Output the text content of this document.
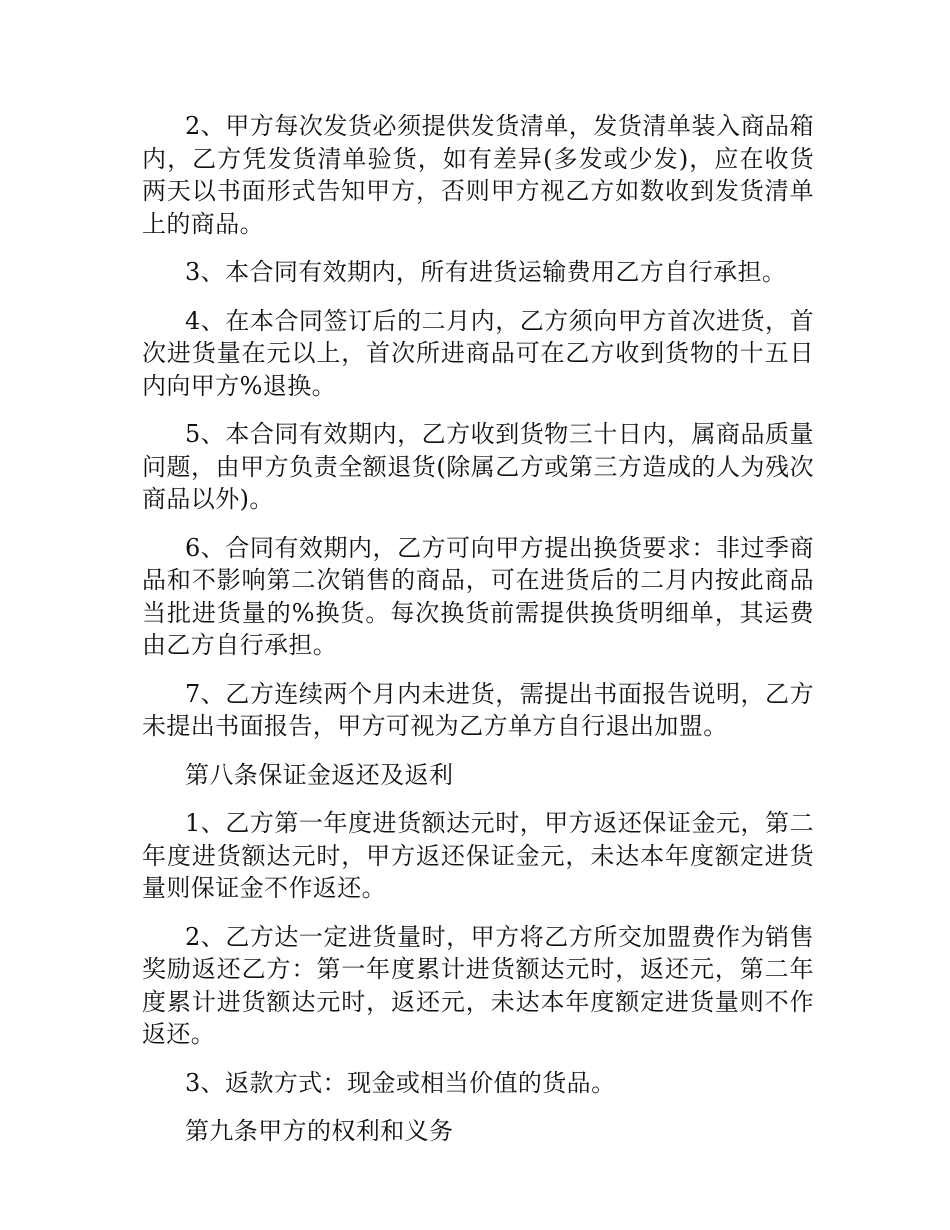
2、甲方每次发货必须提供发货清单，发货清单装入商品箱内，乙方凭发货清单验货，如有差异(多发或少发)，应在收货两天以书面形式告知甲方，否则甲方视乙方如数收到发货清单上的商品。

3、本合同有效期内，所有进货运输费用乙方自行承担。

4、在本合同签订后的二月内，乙方须向甲方首次进货，首次进货量在元以上，首次所进商品可在乙方收到货物的十五日内向甲方%退换。

5、本合同有效期内，乙方收到货物三十日内，属商品质量问题，由甲方负责全额退货(除属乙方或第三方造成的人为残次商品以外)。

6、合同有效期内，乙方可向甲方提出换货要求：非过季商品和不影响第二次销售的商品，可在进货后的二月内按此商品当批进货量的%换货。每次换货前需提供换货明细单，其运费由乙方自行承担。

7、乙方连续两个月内未进货，需提出书面报告说明，乙方未提出书面报告，甲方可视为乙方单方自行退出加盟。

第八条保证金返还及返利

1、乙方第一年度进货额达元时，甲方返还保证金元，第二年度进货额达元时，甲方返还保证金元，未达本年度额定进货量则保证金不作返还。

2、乙方达一定进货量时，甲方将乙方所交加盟费作为销售奖励返还乙方：第一年度累计进货额达元时，返还元，第二年度累计进货额达元时，返还元，未达本年度额定进货量则不作返还。

3、返款方式：现金或相当价值的货品。

第九条甲方的权利和义务
